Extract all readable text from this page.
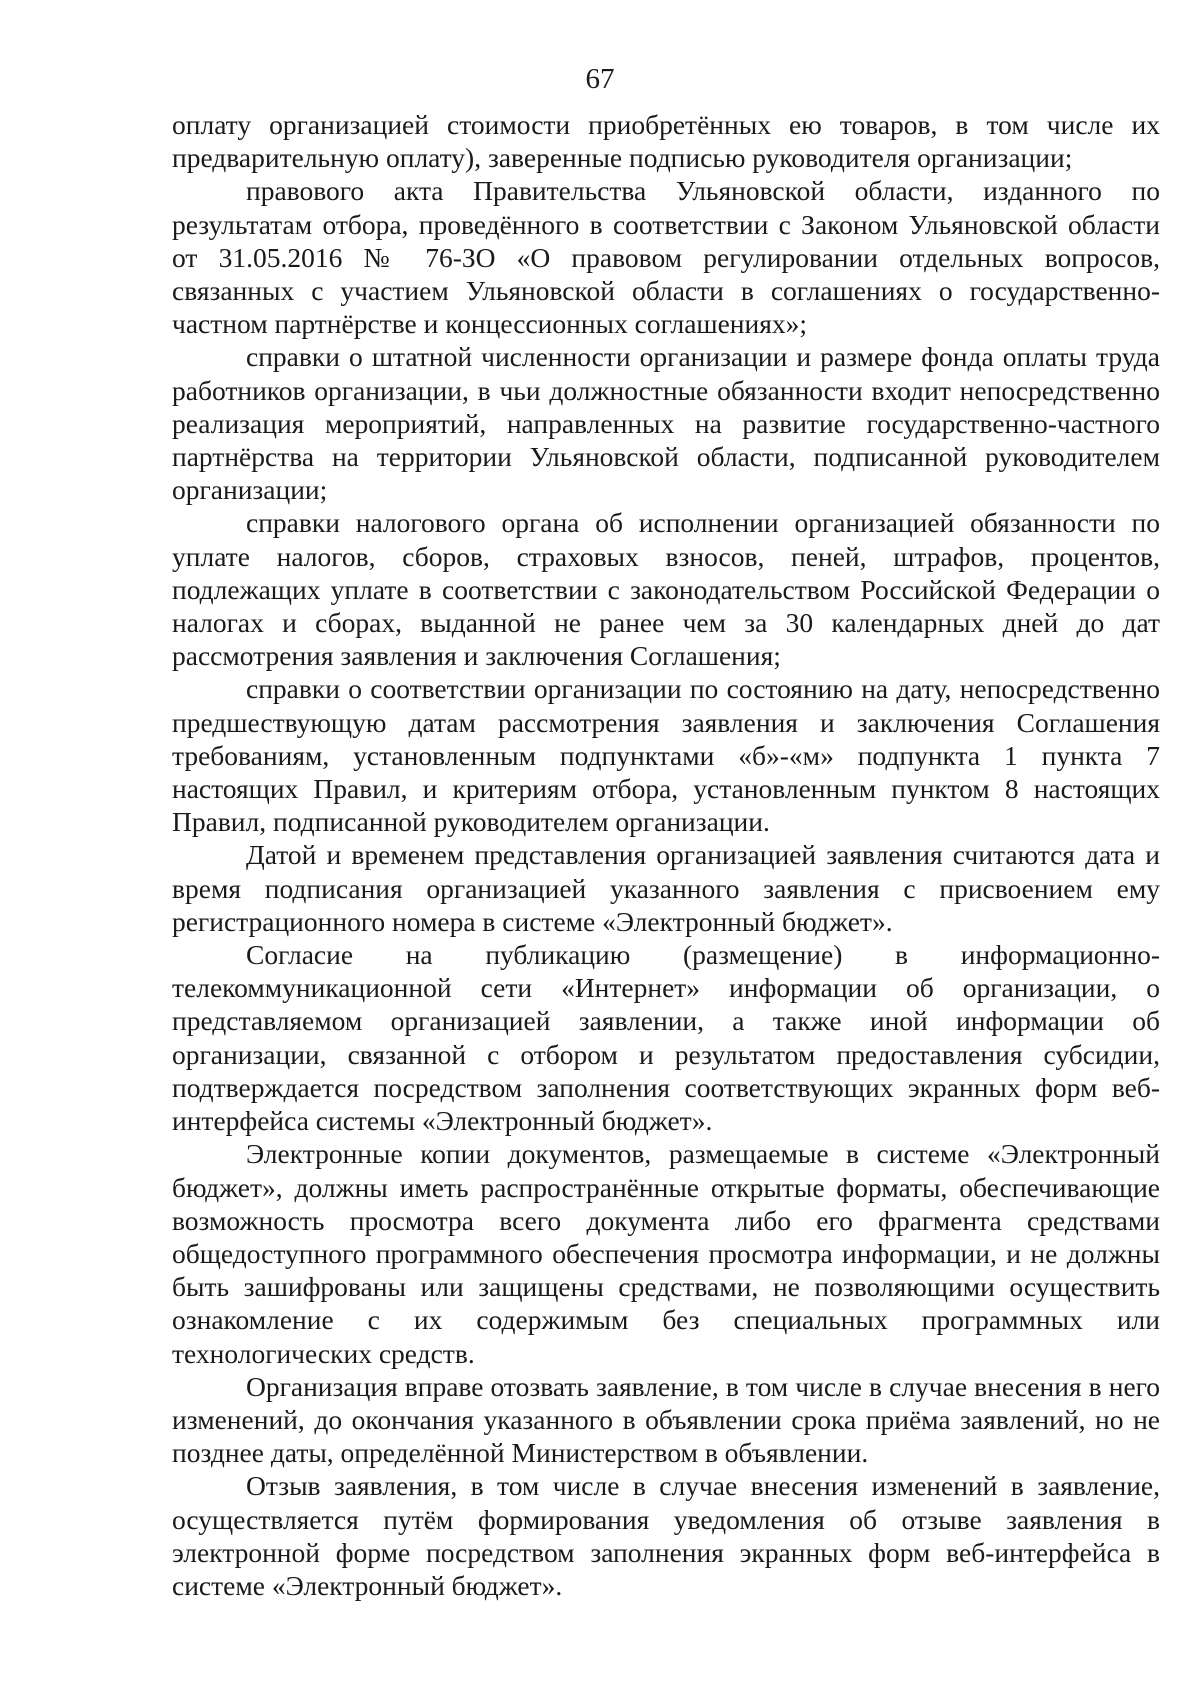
67

оплату организацией стоимости приобретённых ею товаров, в том числе их предварительную оплату), заверенные подписью руководителя организации;

правового акта Правительства Ульяновской области, изданного по результатам отбора, проведённого в соответствии с Законом Ульяновской области от 31.05.2016 № 76-ЗО «О правовом регулировании отдельных вопросов, связанных с участием Ульяновской области в соглашениях о государственно-частном партнёрстве и концессионных соглашениях»;

справки о штатной численности организации и размере фонда оплаты труда работников организации, в чьи должностные обязанности входит непосредственно реализация мероприятий, направленных на развитие государственно-частного партнёрства на территории Ульяновской области, подписанной руководителем организации;

справки налогового органа об исполнении организацией обязанности по уплате налогов, сборов, страховых взносов, пеней, штрафов, процентов, подлежащих уплате в соответствии с законодательством Российской Федерации о налогах и сборах, выданной не ранее чем за 30 календарных дней до дат рассмотрения заявления и заключения Соглашения;

справки о соответствии организации по состоянию на дату, непосредственно предшествующую датам рассмотрения заявления и заключения Соглашения требованиям, установленным подпунктами «б»-«м» подпункта 1 пункта 7 настоящих Правил, и критериям отбора, установленным пунктом 8 настоящих Правил, подписанной руководителем организации.

Датой и временем представления организацией заявления считаются дата и время подписания организацией указанного заявления с присвоением ему регистрационного номера в системе «Электронный бюджет».

Согласие на публикацию (размещение) в информационно-телекоммуникационной сети «Интернет» информации об организации, о представляемом организацией заявлении, а также иной информации об организации, связанной с отбором и результатом предоставления субсидии, подтверждается посредством заполнения соответствующих экранных форм веб-интерфейса системы «Электронный бюджет».

Электронные копии документов, размещаемые в системе «Электронный бюджет», должны иметь распространённые открытые форматы, обеспечивающие возможность просмотра всего документа либо его фрагмента средствами общедоступного программного обеспечения просмотра информации, и не должны быть зашифрованы или защищены средствами, не позволяющими осуществить ознакомление с их содержимым без специальных программных или технологических средств.

Организация вправе отозвать заявление, в том числе в случае внесения в него изменений, до окончания указанного в объявлении срока приёма заявлений, но не позднее даты, определённой Министерством в объявлении.

Отзыв заявления, в том числе в случае внесения изменений в заявление, осуществляется путём формирования уведомления об отзыве заявления в электронной форме посредством заполнения экранных форм веб-интерфейса в системе «Электронный бюджет».
